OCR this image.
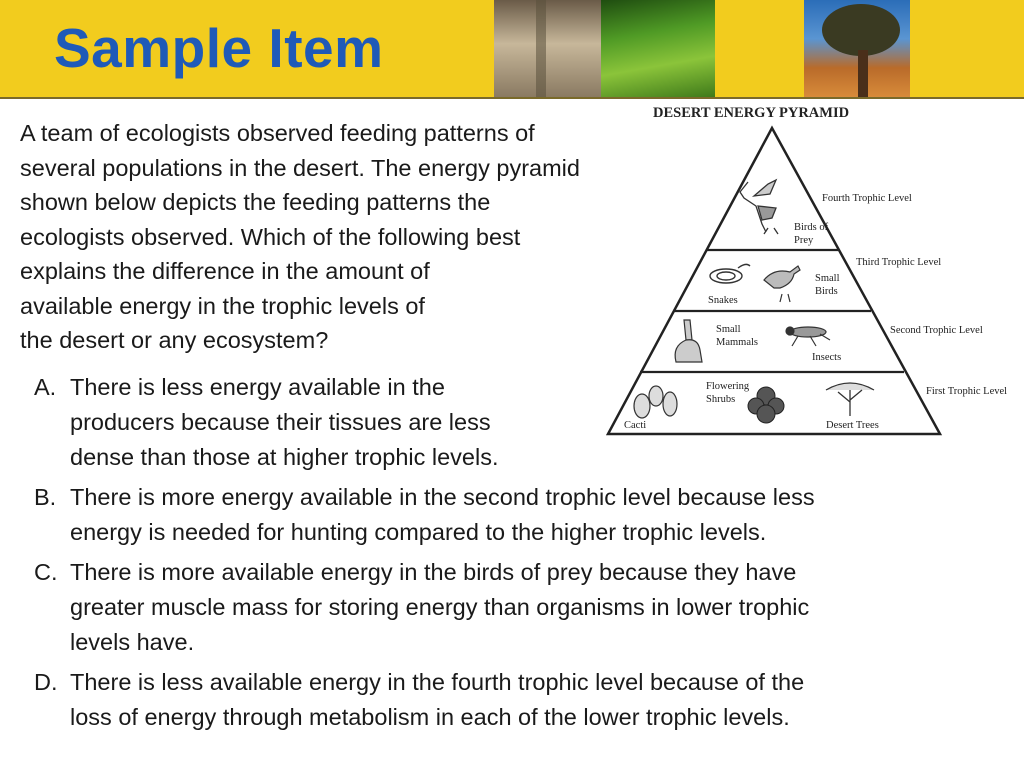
Sample Item

A team of ecologists observed feeding patterns of
several populations in the desert. The energy pyramid
shown below depicts the feeding patterns the
ecologists observed. Which of the following best
explains the difference in the amount of
available energy in the trophic levels of
the desert or any ecosystem?

A. There is less energy available in the
producers because their tissues are less
dense than those at higher trophic levels.
B. There is more energy available in the second trophic level because less
energy is needed for hunting compared to the higher trophic levels.
C. There is more available energy in the birds of prey because they have
greater muscle mass for storing energy than organisms in lower trophic
levels have.
D. There is less available energy in the fourth trophic level because of the
loss of energy through metabolism in each of the lower trophic levels.
DESERT ENERGY PYRAMID
Birds of
Prey
Fourth Trophic Level
Snakes
Small
Birds
Third Trophic Level
Small
Mammals
Insects
Second Trophic Level
Cacti
Flowering
Shrubs
Desert Trees
First Trophic Level
